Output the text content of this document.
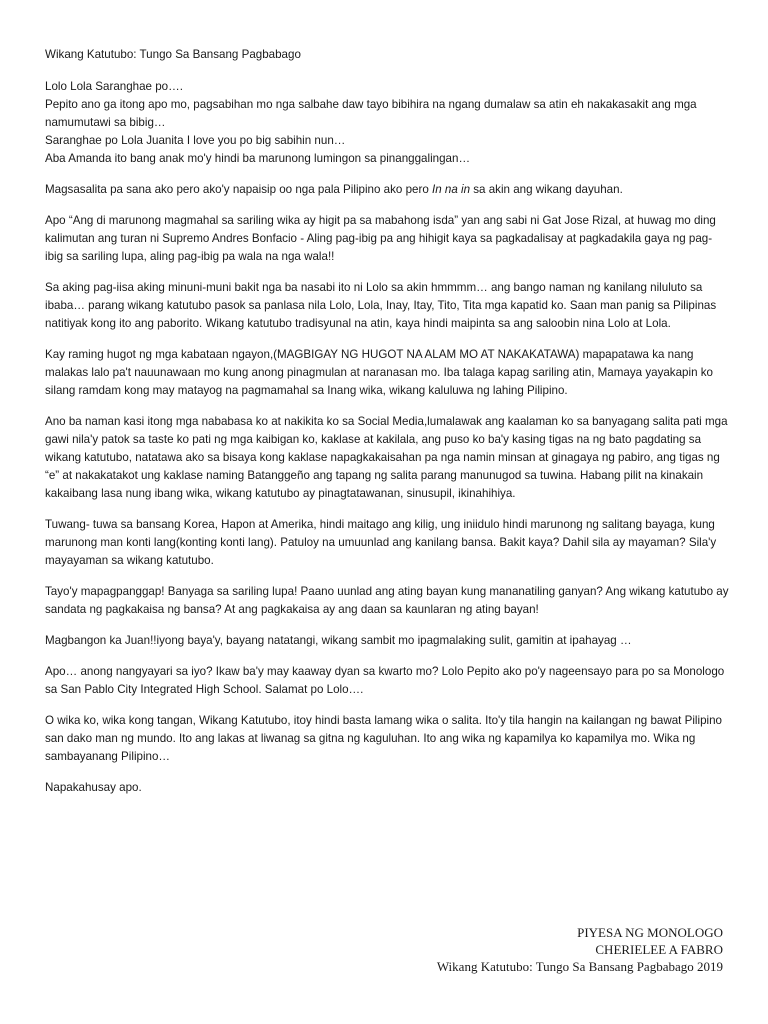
Wikang Katutubo: Tungo Sa Bansang Pagbabago

Lolo Lola Saranghae po….
Pepito ano ga itong apo mo, pagsabihan mo nga salbahe daw tayo bibihira na ngang dumalaw sa atin eh nakakasakit ang mga namumutawi sa bibig…
Saranghae po Lola Juanita I love you po big sabihin nun…
Aba Amanda ito bang anak mo'y hindi ba marunong lumingon sa pinanggalingan…

Magsasalita pa sana ako pero ako'y napaisip oo nga pala Pilipino ako pero In na in sa akin ang wikang dayuhan.

Apo “Ang di marunong magmahal sa sariling wika ay higit pa sa mabahong isda” yan ang sabi ni Gat Jose Rizal, at huwag mo ding kalimutan ang turan ni Supremo Andres Bonfacio - Aling pag-ibig pa ang hihigit kaya sa pagkadalisay at pagkadakila gaya ng pag-ibig sa sariling lupa, aling pag-ibig pa wala na nga wala!!

Sa aking pag-iisa aking minuni-muni bakit nga ba nasabi ito ni Lolo sa akin hmmmm… ang bango naman ng kanilang niluluto sa ibaba… parang wikang katutubo pasok sa panlasa nila Lolo, Lola, Inay, Itay, Tito, Tita mga kapatid ko. Saan man panig sa Pilipinas natitiyak kong ito ang paborito. Wikang katutubo tradisyunal na atin, kaya hindi maipinta sa ang saloobin nina Lolo at Lola.

Kay raming hugot ng mga kabataan ngayon,(MAGBIGAY NG HUGOT NA ALAM MO AT NAKAKATAWA) mapapatawa ka nang malakas lalo pa't nauunawaan mo kung anong pinagmulan at naranasan mo. Iba talaga kapag sariling atin, Mamaya yayakapin ko silang ramdam kong may matayog na pagmamahal sa Inang wika, wikang kaluluwa ng lahing Pilipino.

Ano ba naman kasi itong mga nababasa ko at nakikita ko sa Social Media,lumalawak ang kaalaman ko sa banyagang salita pati mga gawi nila'y patok sa taste ko pati ng mga kaibigan ko, kaklase at kakilala, ang puso ko ba'y kasing tigas na ng bato pagdating sa wikang katutubo, natatawa ako sa bisaya kong kaklase napagkakaisahan pa nga namin minsan at ginagaya ng pabiro, ang tigas ng “e” at nakakatakot ung kaklase naming Batanggeño ang tapang ng salita parang manunugod sa tuwina. Habang pilit na kinakain kakaibang lasa nung ibang wika, wikang katutubo ay pinagtatawanan, sinusupil, ikinahihiya.

Tuwang- tuwa sa bansang Korea, Hapon at Amerika, hindi maitago ang kilig, ung iniidulo hindi marunong ng salitang bayaga, kung marunong man konti lang(konting konti lang). Patuloy na umuunlad ang kanilang bansa. Bakit kaya? Dahil sila ay mayaman? Sila'y mayayaman sa wikang katutubo.

Tayo'y mapagpanggap! Banyaga sa sariling lupa! Paano uunlad ang ating bayan kung mananatiling ganyan? Ang wikang katutubo ay sandata ng pagkakaisa ng bansa? At ang pagkakaisa ay ang daan sa kaunlaran ng ating bayan!

Magbangon ka Juan!!iyong baya'y, bayang natatangi, wikang sambit mo ipagmalaking sulit, gamitin at ipahayag …

Apo… anong nangyayari sa iyo? Ikaw ba'y may kaaway dyan sa kwarto mo? Lolo Pepito ako po'y nageensayo para po sa Monologo sa San Pablo City Integrated High School. Salamat po Lolo….

O wika ko, wika kong tangan, Wikang Katutubo, itoy hindi basta lamang wika o salita. Ito'y tila hangin na kailangan ng bawat Pilipino san dako man ng mundo. Ito ang lakas at liwanag sa gitna ng kaguluhan. Ito ang wika ng kapamilya ko kapamilya mo. Wika ng sambayanang Pilipino…

Napakahusay apo.

PIYESA NG MONOLOGO
CHERIELEE A FABRO
Wikang Katutubo: Tungo Sa Bansang Pagbabago 2019
